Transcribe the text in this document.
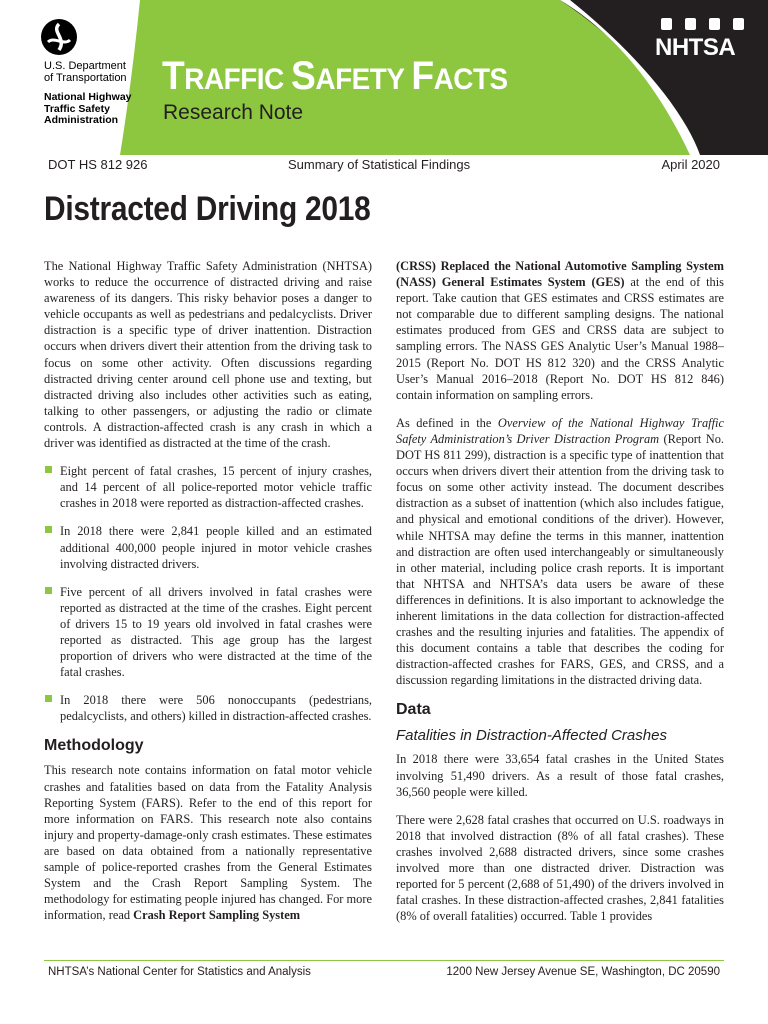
U.S. Department
of Transportation
National Highway
Traffic Safety
Administration
TRAFFIC SAFETY FACTS
Research Note
NHTSA
DOT HS 812 926	Summary of Statistical Findings	April 2020
Distracted Driving 2018

The National Highway Traffic Safety Administration (NHTSA) works to reduce the occurrence of distracted driving and raise awareness of its dangers. This risky behavior poses a danger to vehicle occupants as well as pedestrians and pedalcyclists. Driver distraction is a specific type of driver inattention. Distraction occurs when drivers divert their attention from the driving task to focus on some other activity. Often discussions regarding distracted driving center around cell phone use and texting, but distracted driving also includes other activities such as eating, talking to other passengers, or adjusting the radio or climate controls. A distraction-affected crash is any crash in which a driver was identified as distracted at the time of the crash.

Eight percent of fatal crashes, 15 percent of injury crashes, and 14 percent of all police-reported motor vehicle traffic crashes in 2018 were reported as distraction-affected crashes.
In 2018 there were 2,841 people killed and an estimated additional 400,000 people injured in motor vehicle crashes involving distracted drivers.
Five percent of all drivers involved in fatal crashes were reported as distracted at the time of the crashes. Eight percent of drivers 15 to 19 years old involved in fatal crashes were reported as distracted. This age group has the largest proportion of drivers who were distracted at the time of the fatal crashes.
In 2018 there were 506 nonoccupants (pedestrians, pedalcyclists, and others) killed in distraction-affected crashes.
Methodology

This research note contains information on fatal motor vehicle crashes and fatalities based on data from the Fatality Analysis Reporting System (FARS). Refer to the end of this report for more information on FARS. This research note also contains injury and property-damage-only crash estimates. These estimates are based on data obtained from a nationally representative sample of police-reported crashes from the General Estimates System and the Crash Report Sampling System. The methodology for estimating people injured has changed. For more information, read Crash Report Sampling System

(CRSS) Replaced the National Automotive Sampling System (NASS) General Estimates System (GES) at the end of this report. Take caution that GES estimates and CRSS estimates are not comparable due to different sampling designs. The national estimates produced from GES and CRSS data are subject to sampling errors. The NASS GES Analytic User’s Manual 1988–2015 (Report No. DOT HS 812 320) and the CRSS Analytic User’s Manual 2016–2018 (Report No. DOT HS 812 846) contain information on sampling errors.

As defined in the Overview of the National Highway Traffic Safety Administration’s Driver Distraction Program (Report No. DOT HS 811 299), distraction is a specific type of inattention that occurs when drivers divert their attention from the driving task to focus on some other activity instead. The document describes distraction as a subset of inattention (which also includes fatigue, and physical and emotional conditions of the driver). However, while NHTSA may define the terms in this manner, inattention and distraction are often used interchangeably or simultaneously in other material, including police crash reports. It is important that NHTSA and NHTSA’s data users be aware of these differences in definitions. It is also important to acknowledge the inherent limitations in the data collection for distraction-affected crashes and the resulting injuries and fatalities. The appendix of this document contains a table that describes the coding for distraction-affected crashes for FARS, GES, and CRSS, and a discussion regarding limitations in the distracted driving data.

Data
Fatalities in Distraction-Affected Crashes

In 2018 there were 33,654 fatal crashes in the United States involving 51,490 drivers. As a result of those fatal crashes, 36,560 people were killed.

There were 2,628 fatal crashes that occurred on U.S. roadways in 2018 that involved distraction (8% of all fatal crashes). These crashes involved 2,688 distracted drivers, since some crashes involved more than one distracted driver. Distraction was reported for 5 percent (2,688 of 51,490) of the drivers involved in fatal crashes. In these distraction-affected crashes, 2,841 fatalities (8% of overall fatalities) occurred. Table 1 provides

NHTSA’s National Center for Statistics and Analysis	1200 New Jersey Avenue SE, Washington, DC 20590
